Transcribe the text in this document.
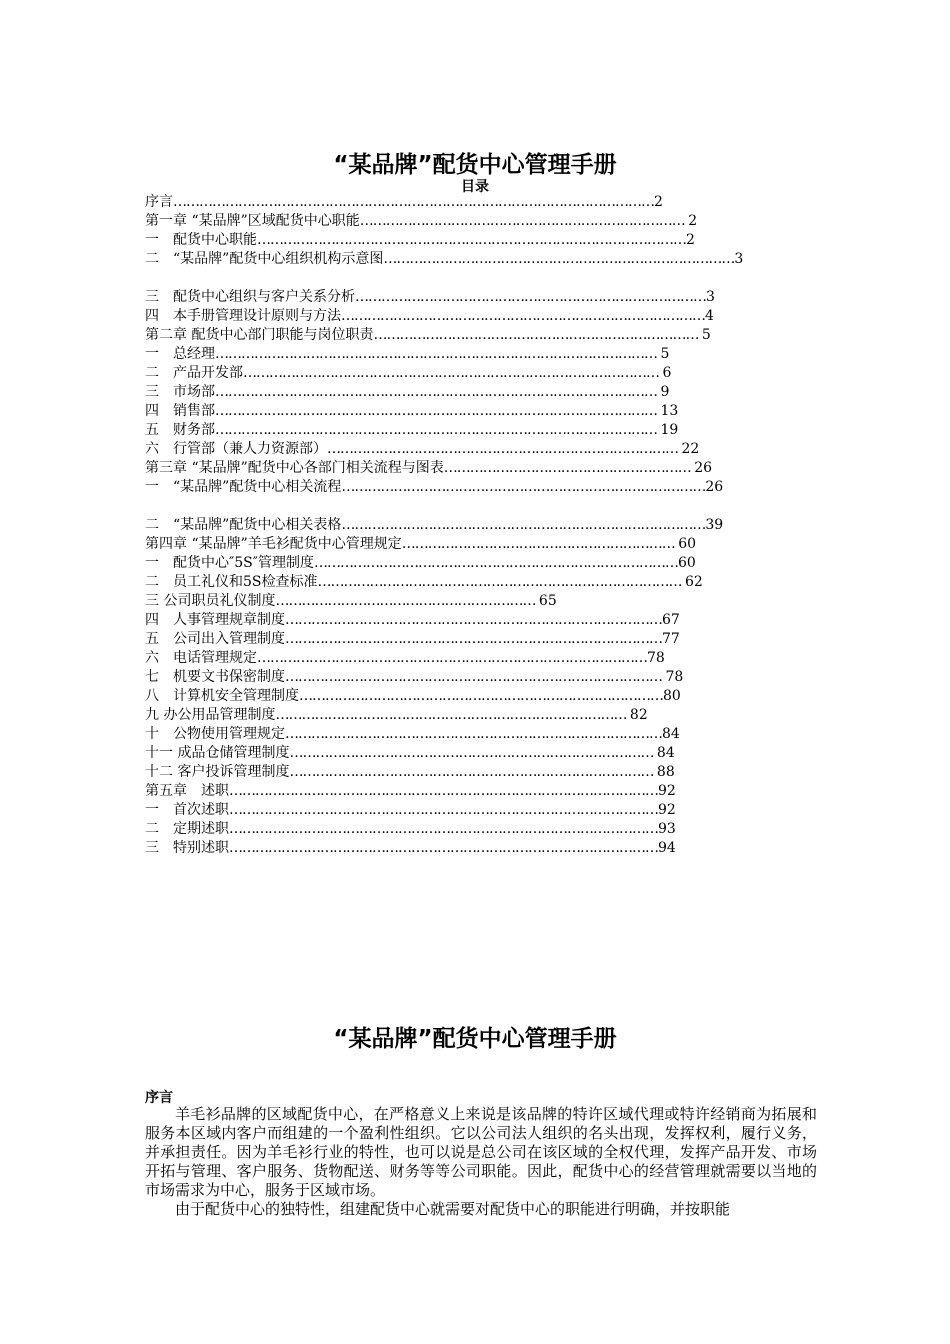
“某品牌”配货中心管理手册
目录
序言…………………………………………………………………………………………………2
第一章 “某品牌”区域配货中心职能………………………………………………………………… 2
一　配货中心职能………………………………………………………………………………………2
二　“某品牌”配货中心组织机构示意图………………………………………………………………………3
三　配货中心组织与客户关系分析………………………………………………………………………3
四　本手册管理设计原则与方法…………………………………………………………………………4
第二章 配货中心部门职能与岗位职责………………………………………………………………… 5
一　总经理………………………………………………………………………………………… 5
二　产品开发部…………………………………………………………………………………… 6
三　市场部………………………………………………………………………………………… 9
四　销售部………………………………………………………………………………………… 13
五　财务部………………………………………………………………………………………… 19
六　行管部（兼人力资源部）……………………………………………………………………… 22
第三章 “某品牌”配货中心各部门相关流程与图表………………………………………………… 26
一　“某品牌”配货中心相关流程…………………………………………………………………………26
二　“某品牌”配货中心相关表格…………………………………………………………………………39
第四章 “某品牌”羊毛衫配货中心管理规定……………………………………………………… 60
一　配货中心″5S″管理制度…………………………………………………………………………60
二　员工礼仪和5S检查标准………………………………………………………………………… 62
三 公司职员礼仪制度…………………………………………………… 65
四　人事管理规章制度……………………………………………………………………………67
五　公司出入管理制度……………………………………………………………………………77
六　电话管理规定………………………………………………………………………………78
七　机要文书保密制度…………………………………………………………………………… 78
八　计算机安全管理制度…………………………………………………………………………80
九 办公用品管理制度……………………………………………………………………… 82
十　公物使用管理规定……………………………………………………………………………84
十一 成品仓储管理制度………………………………………………………………………… 84
十二 客户投诉管理制度………………………………………………………………………… 88
第五章　述职………………………………………………………………………………………92
一　首次述职………………………………………………………………………………………92
二　定期述职………………………………………………………………………………………93
三　特别述职………………………………………………………………………………………94
“某品牌”配货中心管理手册
序言

羊毛衫品牌的区域配货中心，在严格意义上来说是该品牌的特许区域代理或特许经销商为拓展和服务本区域内客户而组建的一个盈利性组织。它以公司法人组织的名头出现，发挥权利，履行义务，并承担责任。因为羊毛衫行业的特性，也可以说是总公司在该区域的全权代理，发挥产品开发、市场开拓与管理、客户服务、货物配送、财务等等公司职能。因此，配货中心的经营管理就需要以当地的市场需求为中心，服务于区域市场。

由于配货中心的独特性，组建配货中心就需要对配货中心的职能进行明确，并按职能
